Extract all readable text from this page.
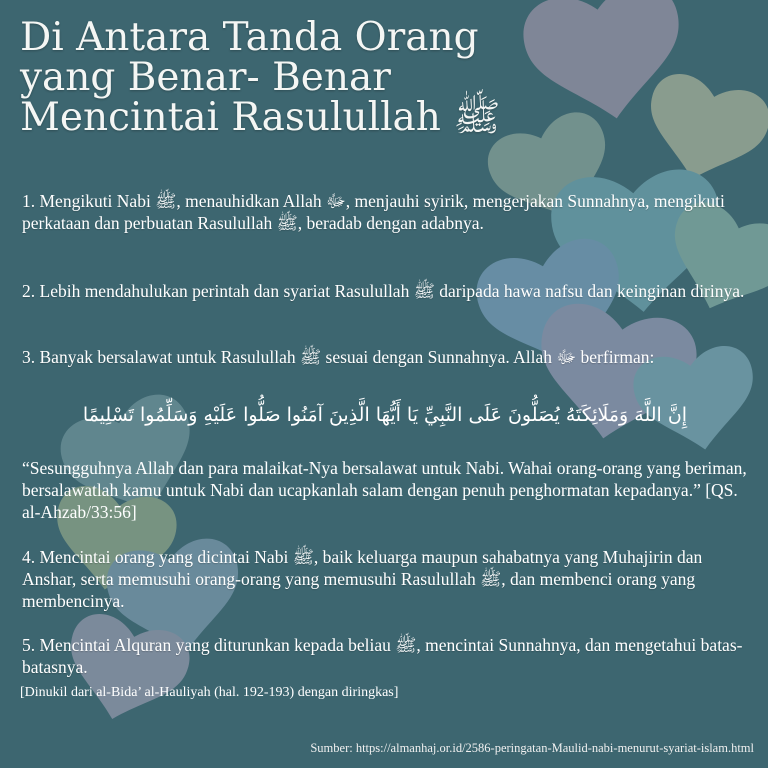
Di Antara Tanda Orang
yang Benar- Benar
Mencintai Rasulullah ﷺ
1. Mengikuti Nabi ﷺ, menauhidkan Allah ﷻ, menjauhi syirik, mengerjakan Sunnahnya, mengikuti perkataan dan perbuatan Rasulullah ﷺ, beradab dengan adabnya.
2. Lebih mendahulukan perintah dan syariat Rasulullah ﷺ daripada hawa nafsu dan keinginan dirinya.
3. Banyak bersalawat untuk Rasulullah ﷺ sesuai dengan Sunnahnya. Allah ﷻ berfirman:
إِنَّ اللَّهَ وَمَلَائِكَتَهُ يُصَلُّونَ عَلَى النَّبِيِّ يَا أَيُّهَا الَّذِينَ آمَنُوا صَلُّوا عَلَيْهِ وَسَلِّمُوا تَسْلِيمًا
“Sesungguhnya Allah dan para malaikat-Nya bersalawat untuk Nabi. Wahai orang-orang yang beriman, bersalawatlah kamu untuk Nabi dan ucapkanlah salam dengan penuh penghormatan kepadanya.” [QS. al-Ahzab/33:56]
4. Mencintai orang yang dicintai Nabi ﷺ, baik keluarga maupun sahabatnya yang Muhajirin dan Anshar, serta memusuhi orang-orang yang memusuhi Rasulullah ﷺ, dan membenci orang yang membencinya.
5. Mencintai Alquran yang diturunkan kepada beliau ﷺ, mencintai Sunnahnya, dan mengetahui batas-batasnya.
[Dinukil dari al-Bida’ al-Hauliyah (hal. 192-193) dengan diringkas]
Sumber: https://almanhaj.or.id/2586-peringatan-Maulid-nabi-menurut-syariat-islam.html
